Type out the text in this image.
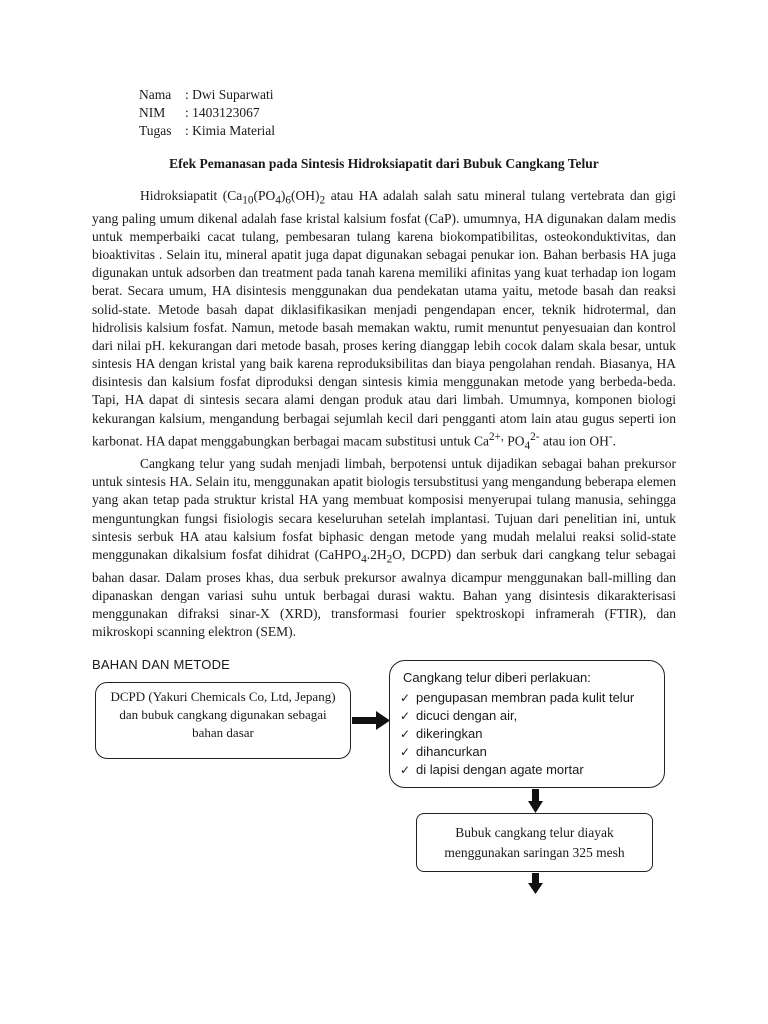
Nama	: Dwi Suparwati
NIM	: 1403123067
Tugas : Kimia Material
Efek Pemanasan pada Sintesis Hidroksiapatit dari Bubuk Cangkang Telur

Hidroksiapatit ($Ca_{10}(PO_4)_6(OH)_2$ atau HA adalah salah satu mineral tulang vertebrata dan gigi yang paling umum dikenal adalah fase kristal kalsium fosfat (CaP). umumnya, HA digunakan dalam medis untuk memperbaiki cacat tulang, pembesaran tulang karena biokompatibilitas, osteokonduktivitas, dan bioaktivitas . Selain itu, mineral apatit juga dapat digunakan sebagai penukar ion. Bahan berbasis HA juga digunakan untuk adsorben dan treatment pada tanah karena memiliki afinitas yang kuat terhadap ion logam berat. Secara umum, HA disintesis menggunakan dua pendekatan utama yaitu, metode basah dan reaksi solid-state. Metode basah dapat diklasifikasikan menjadi pengendapan encer, teknik hidrotermal, dan hidrolisis kalsium fosfat. Namun, metode basah memakan waktu, rumit menuntut penyesuaian dan kontrol dari nilai pH. kekurangan dari metode basah, proses kering dianggap lebih cocok dalam skala besar, untuk sintesis HA dengan kristal yang baik karena reproduksibilitas dan biaya pengolahan rendah. Biasanya, HA disintesis dan kalsium fosfat diproduksi dengan sintesis kimia menggunakan metode yang berbeda-beda. Tapi, HA dapat di sintesis secara alami dengan produk atau dari limbah. Umumnya, komponen biologi kekurangan kalsium, mengandung berbagai sejumlah kecil dari pengganti atom lain atau gugus seperti ion karbonat. HA dapat menggabungkan berbagai macam substitusi untuk $Ca^{2+,}$ $PO_4^{2-}$ atau ion OH-.

Cangkang telur yang sudah menjadi limbah, berpotensi untuk dijadikan sebagai bahan prekursor untuk sintesis HA. Selain itu, menggunakan apatit biologis tersubstitusi yang mengandung beberapa elemen yang akan tetap pada struktur kristal HA yang membuat komposisi menyerupai tulang manusia, sehingga menguntungkan fungsi fisiologis secara keseluruhan setelah implantasi. Tujuan dari penelitian ini, untuk sintesis serbuk HA atau kalsium fosfat biphasic dengan metode yang mudah melalui reaksi solid-state menggunakan dikalsium fosfat dihidrat ($CaHPO_4.2H_2O$, DCPD) dan serbuk dari cangkang telur sebagai bahan dasar. Dalam proses khas, dua serbuk prekursor awalnya dicampur menggunakan ball-milling dan dipanaskan dengan variasi suhu untuk berbagai durasi waktu. Bahan yang disintesis dikarakterisasi menggunakan difraksi sinar-X (XRD), transformasi fourier spektroskopi inframerah (FTIR), dan mikroskopi scanning elektron (SEM).

BAHAN DAN METODE
DCPD (Yakuri Chemicals Co, Ltd, Jepang) dan bubuk cangkang digunakan sebagai bahan dasar
Cangkang telur diberi perlakuan:
✓ pengupasan membran pada kulit telur
✓ dicuci dengan air,
✓ dikeringkan
✓ dihancurkan
✓ di lapisi dengan agate mortar
Bubuk cangkang telur diayak menggunakan saringan 325 mesh
